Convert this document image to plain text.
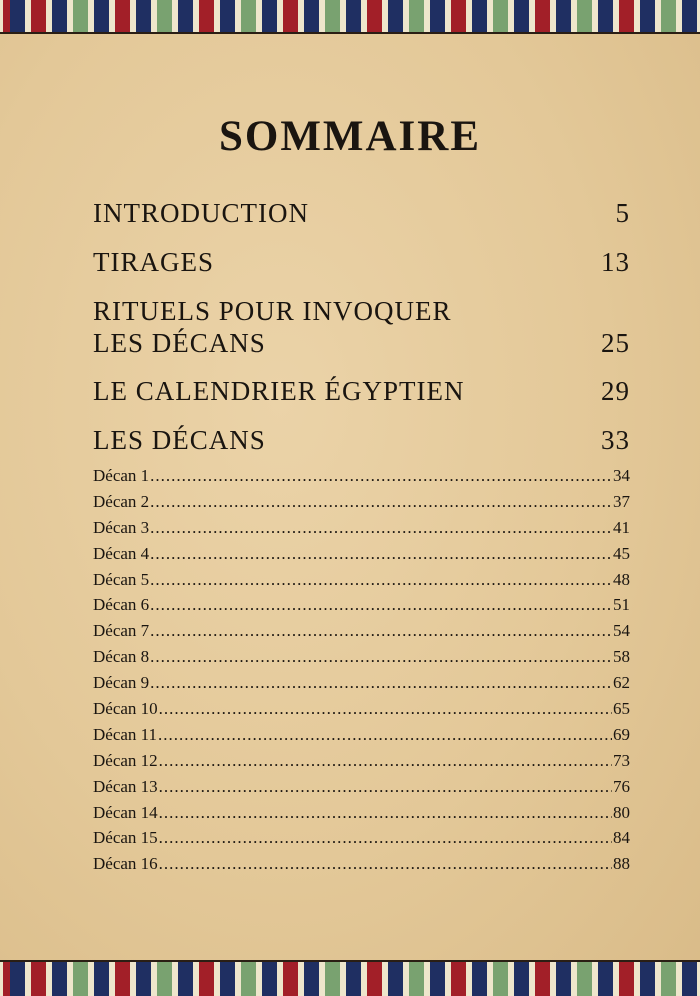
SOMMAIRE
INTRODUCTION	5
TIRAGES	13
RITUELS POUR INVOQUER
LES DÉCANS	25
LE CALENDRIER ÉGYPTIEN	29
LES DÉCANS	33
Décan 1 .....	34
Décan 2 .....	37
Décan 3 .....	41
Décan 4 .....	45
Décan 5 .....	48
Décan 6 .....	51
Décan 7 .....	54
Décan 8 .....	58
Décan 9 .....	62
Décan 10 .....	65
Décan 11 .....	69
Décan 12 .....	73
Décan 13 .....	76
Décan 14 .....	80
Décan 15 .....	84
Décan 16 .....	88
